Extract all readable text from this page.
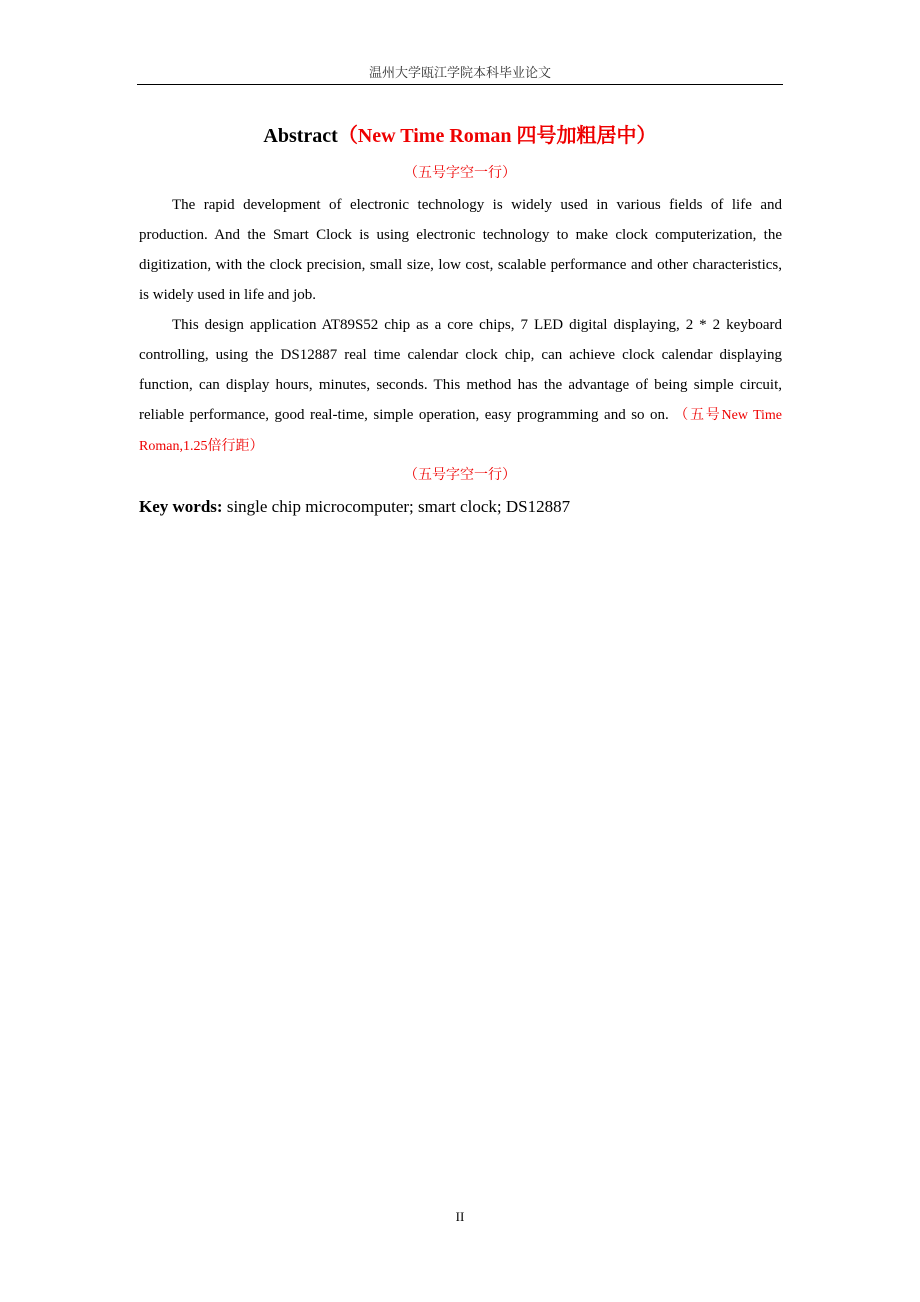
温州大学瓯江学院本科毕业论文
Abstract（New Time Roman 四号加粗居中）
（五号字空一行）

The rapid development of electronic technology is widely used in various fields of life and production. And the Smart Clock is using electronic technology to make clock computerization, the digitization, with the clock precision, small size, low cost, scalable performance and other characteristics, is widely used in life and job.

This design application AT89S52 chip as a core chips, 7 LED digital displaying, 2 * 2 keyboard controlling, using the DS12887 real time calendar clock chip, can achieve clock calendar displaying function, can display hours, minutes, seconds. This method has the advantage of being simple circuit, reliable performance, good real-time, simple operation, easy programming and so on. （五号New Time Roman,1.25倍行距）

（五号字空一行）
Key words: single chip microcomputer; smart clock; DS12887
II
